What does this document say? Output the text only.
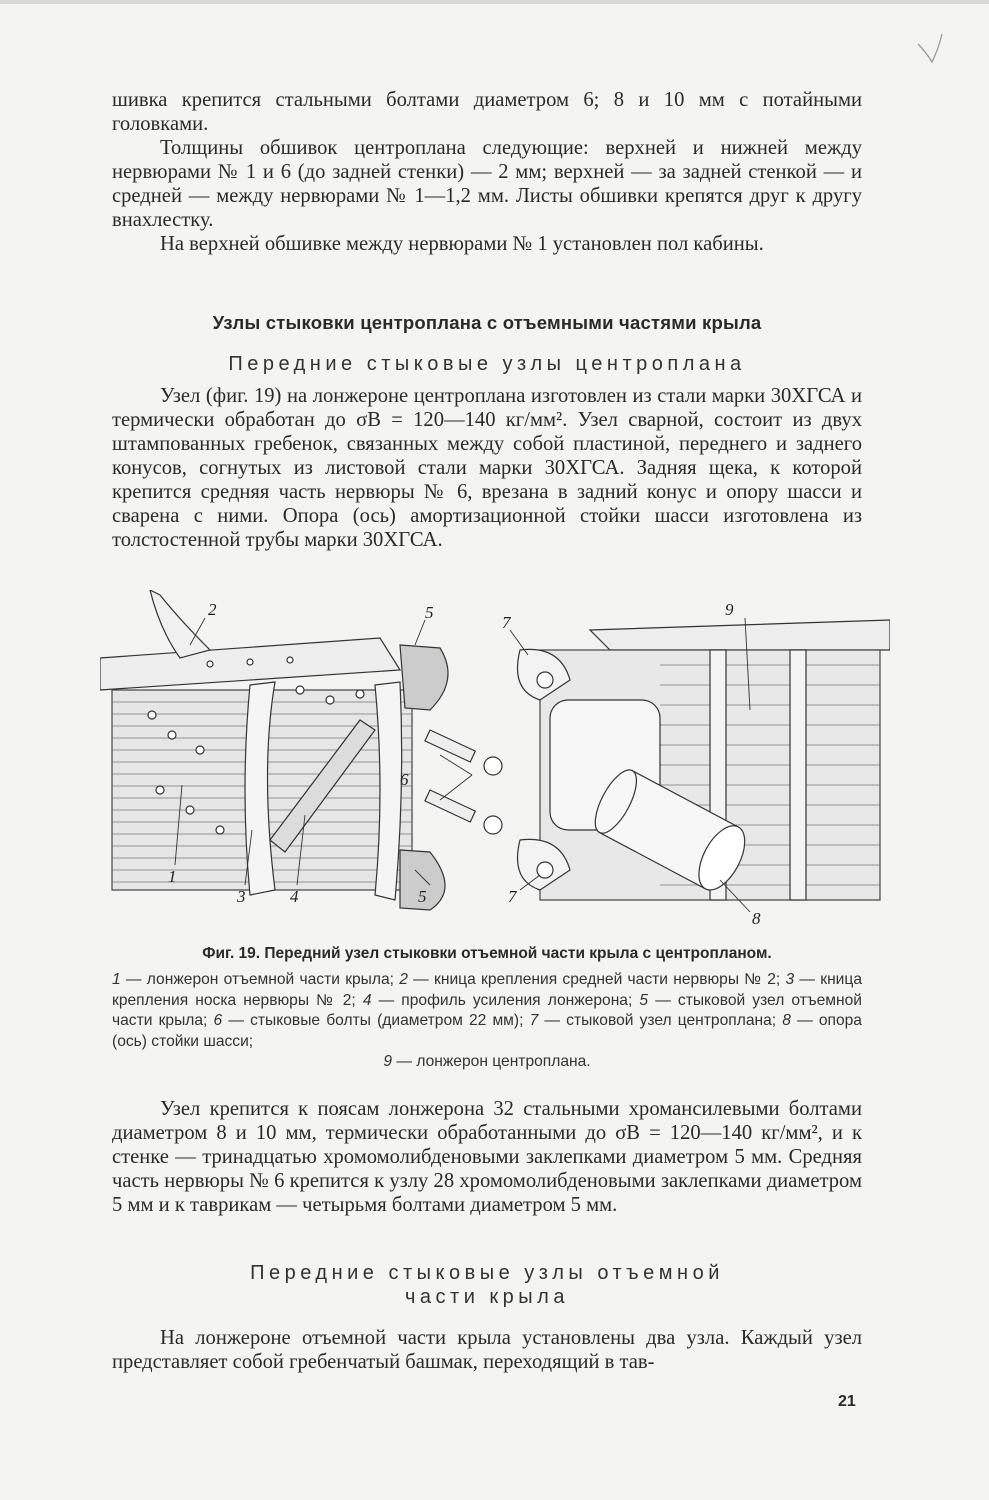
шивка крепится стальными болтами диаметром 6; 8 и 10 мм с потайными головками.

Толщины обшивок центроплана следующие: верхней и нижней между нервюрами № 1 и 6 (до задней стенки) — 2 мм; верхней — за задней стенкой — и средней — между нервюрами № 1—1,2 мм. Листы обшивки крепятся друг к другу внахлестку.

На верхней обшивке между нервюрами № 1 установлен пол кабины.

Узлы стыковки центроплана с отъемными частями крыла
Передние стыковые узлы центроплана

Узел (фиг. 19) на лонжероне центроплана изготовлен из стали марки 30ХГСА и термически обработан до σB = 120—140 кг/мм². Узел сварной, состоит из двух штампованных гребенок, связанных между собой пластиной, переднего и заднего конусов, согнутых из листовой стали марки 30ХГСА. Задняя щека, к которой крепится средняя часть нервюры № 6, врезана в задний конус и опору шасси и сварена с ними. Опора (ось) амортизационной стойки шасси изготовлена из толстостенной трубы марки 30ХГСА.

2	5
1
3	4	5
6
7
7
8
9
Фиг. 19. Передний узел стыковки отъемной части крыла с центропланом.
1 — лонжерон отъемной части крыла; 2 — кница крепления средней части нервюры № 2; 3 — кница крепления носка нервюры № 2; 4 — профиль усиления лонжерона; 5 — стыковой узел отъемной части крыла; 6 — стыковые болты (диаметром 22 мм); 7 — стыковой узел центроплана; 8 — опора (ось) стойки шасси;
9 — лонжерон центроплана.

Узел крепится к поясам лонжерона 32 стальными хромансилевыми болтами диаметром 8 и 10 мм, термически обработанными до σB = 120—140 кг/мм², и к стенке — тринадцатью хромомолибденовыми заклепками диаметром 5 мм. Средняя часть нервюры № 6 крепится к узлу 28 хромомолибденовыми заклепками диаметром 5 мм и к таврикам — четырьмя болтами диаметром 5 мм.

Передние стыковые узлы отъемной
части крыла

На лонжероне отъемной части крыла установлены два узла. Каждый узел представляет собой гребенчатый башмак, переходящий в тав-

21
